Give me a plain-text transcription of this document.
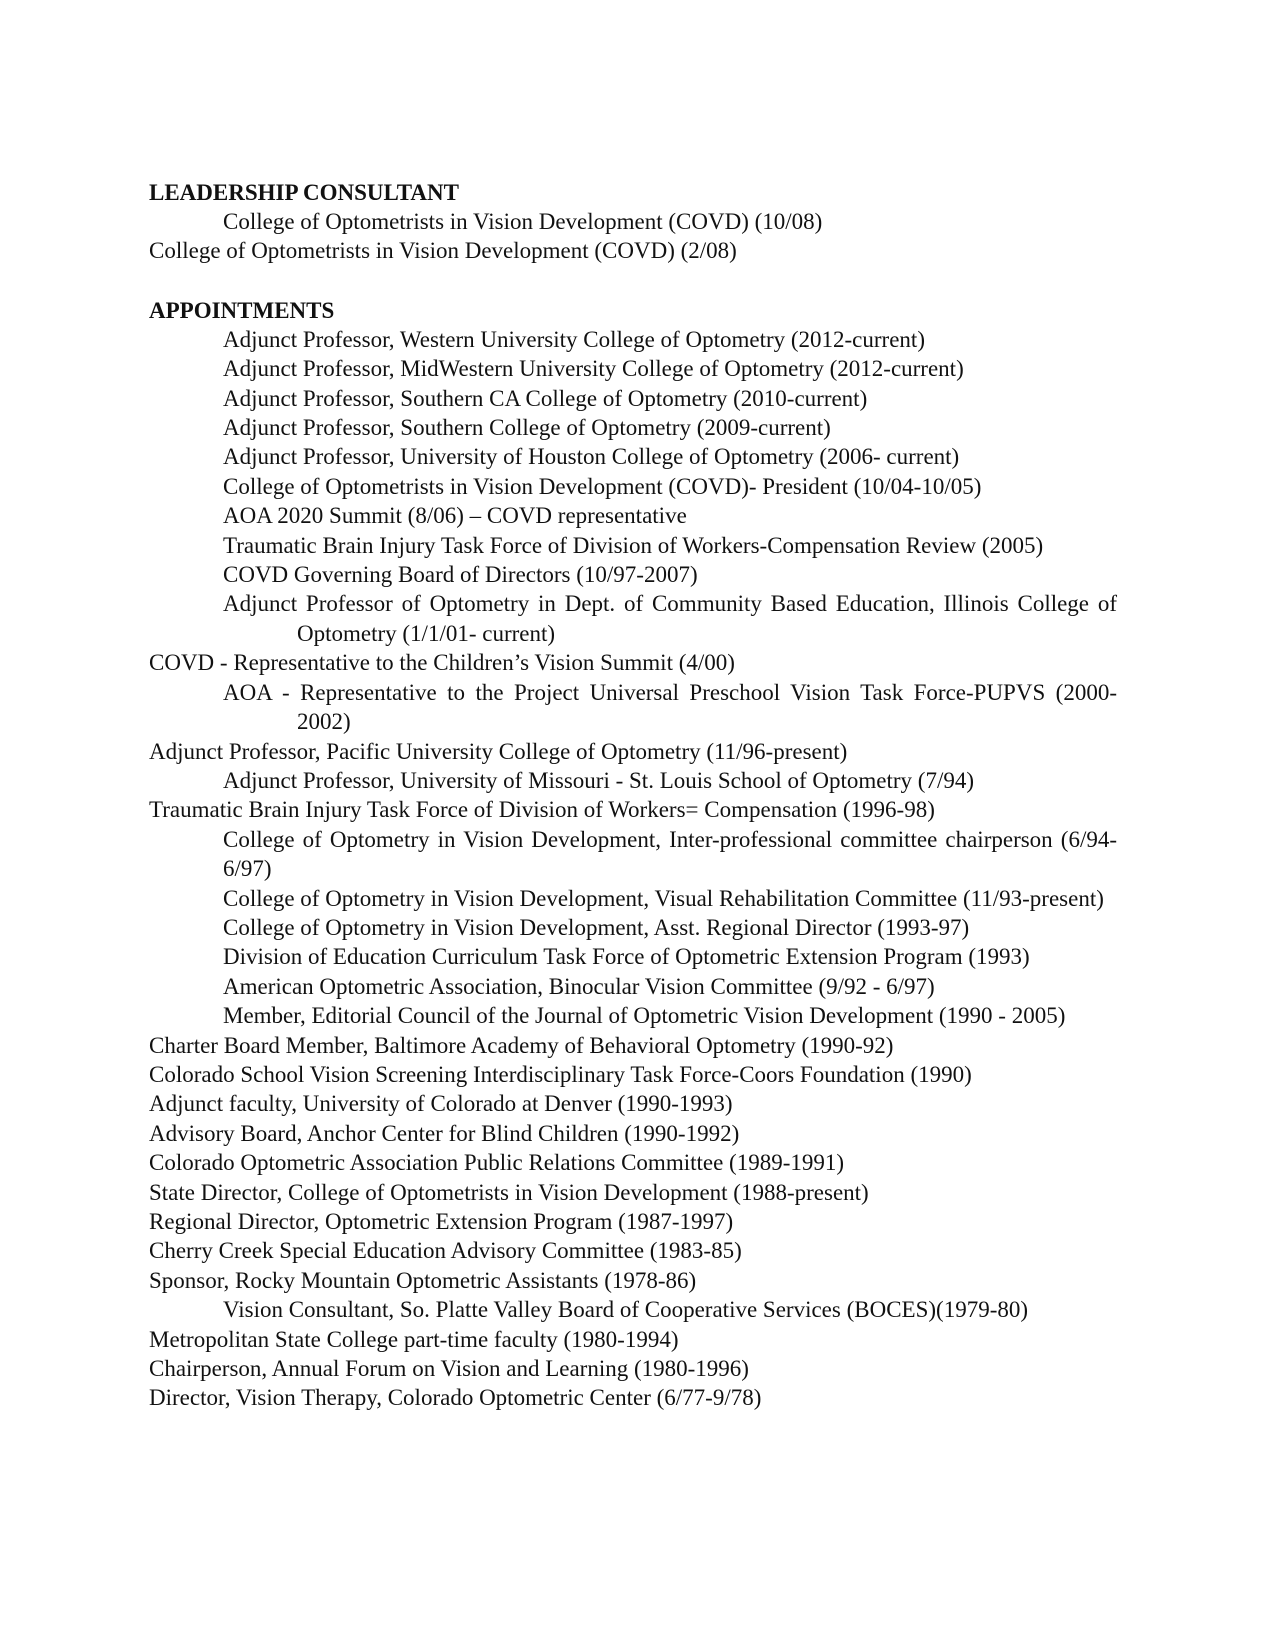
LEADERSHIP CONSULTANT
College of Optometrists in Vision Development (COVD) (10/08)
College of Optometrists in Vision Development (COVD) (2/08)
APPOINTMENTS
Adjunct Professor, Western University College of Optometry (2012-current)
Adjunct Professor, MidWestern University College of Optometry (2012-current)
Adjunct Professor, Southern CA College of Optometry (2010-current)
Adjunct Professor, Southern College of Optometry (2009-current)
Adjunct Professor, University of Houston College of Optometry (2006- current)
College of Optometrists in Vision Development (COVD)- President (10/04-10/05)
AOA 2020 Summit (8/06) – COVD representative
Traumatic Brain Injury Task Force of Division of Workers-Compensation Review (2005)
COVD Governing Board of Directors (10/97-2007)
Adjunct Professor of Optometry in Dept. of Community Based Education, Illinois College of Optometry (1/1/01- current)
COVD - Representative to the Children’s Vision Summit (4/00)
AOA - Representative to the Project Universal Preschool Vision Task Force-PUPVS (2000-2002)
Adjunct Professor, Pacific University College of Optometry (11/96-present)
Adjunct Professor, University of Missouri - St. Louis School of Optometry (7/94)
Traumatic Brain Injury Task Force of Division of Workers= Compensation (1996-98)
College of Optometry in Vision Development, Inter-professional committee chairperson (6/94-6/97)
College of Optometry in Vision Development, Visual Rehabilitation Committee (11/93-present)
College of Optometry in Vision Development, Asst. Regional Director (1993-97)
Division of Education Curriculum Task Force of Optometric Extension Program (1993)
American Optometric Association, Binocular Vision Committee (9/92 - 6/97)
Member, Editorial Council of the Journal of Optometric Vision Development (1990 - 2005)
Charter Board Member, Baltimore Academy of Behavioral Optometry (1990-92)
Colorado School Vision Screening Interdisciplinary Task Force-Coors Foundation (1990)
Adjunct faculty, University of Colorado at Denver (1990-1993)
Advisory Board, Anchor Center for Blind Children (1990-1992)
Colorado Optometric Association Public Relations Committee (1989-1991)
State Director, College of Optometrists in Vision Development (1988-present)
Regional Director, Optometric Extension Program (1987-1997)
Cherry Creek Special Education Advisory Committee (1983-85)
Sponsor, Rocky Mountain Optometric Assistants (1978-86)
Vision Consultant, So. Platte Valley Board of Cooperative Services (BOCES)(1979-80)
Metropolitan State College part-time faculty (1980-1994)
Chairperson, Annual Forum on Vision and Learning (1980-1996)
Director, Vision Therapy, Colorado Optometric Center (6/77-9/78)
